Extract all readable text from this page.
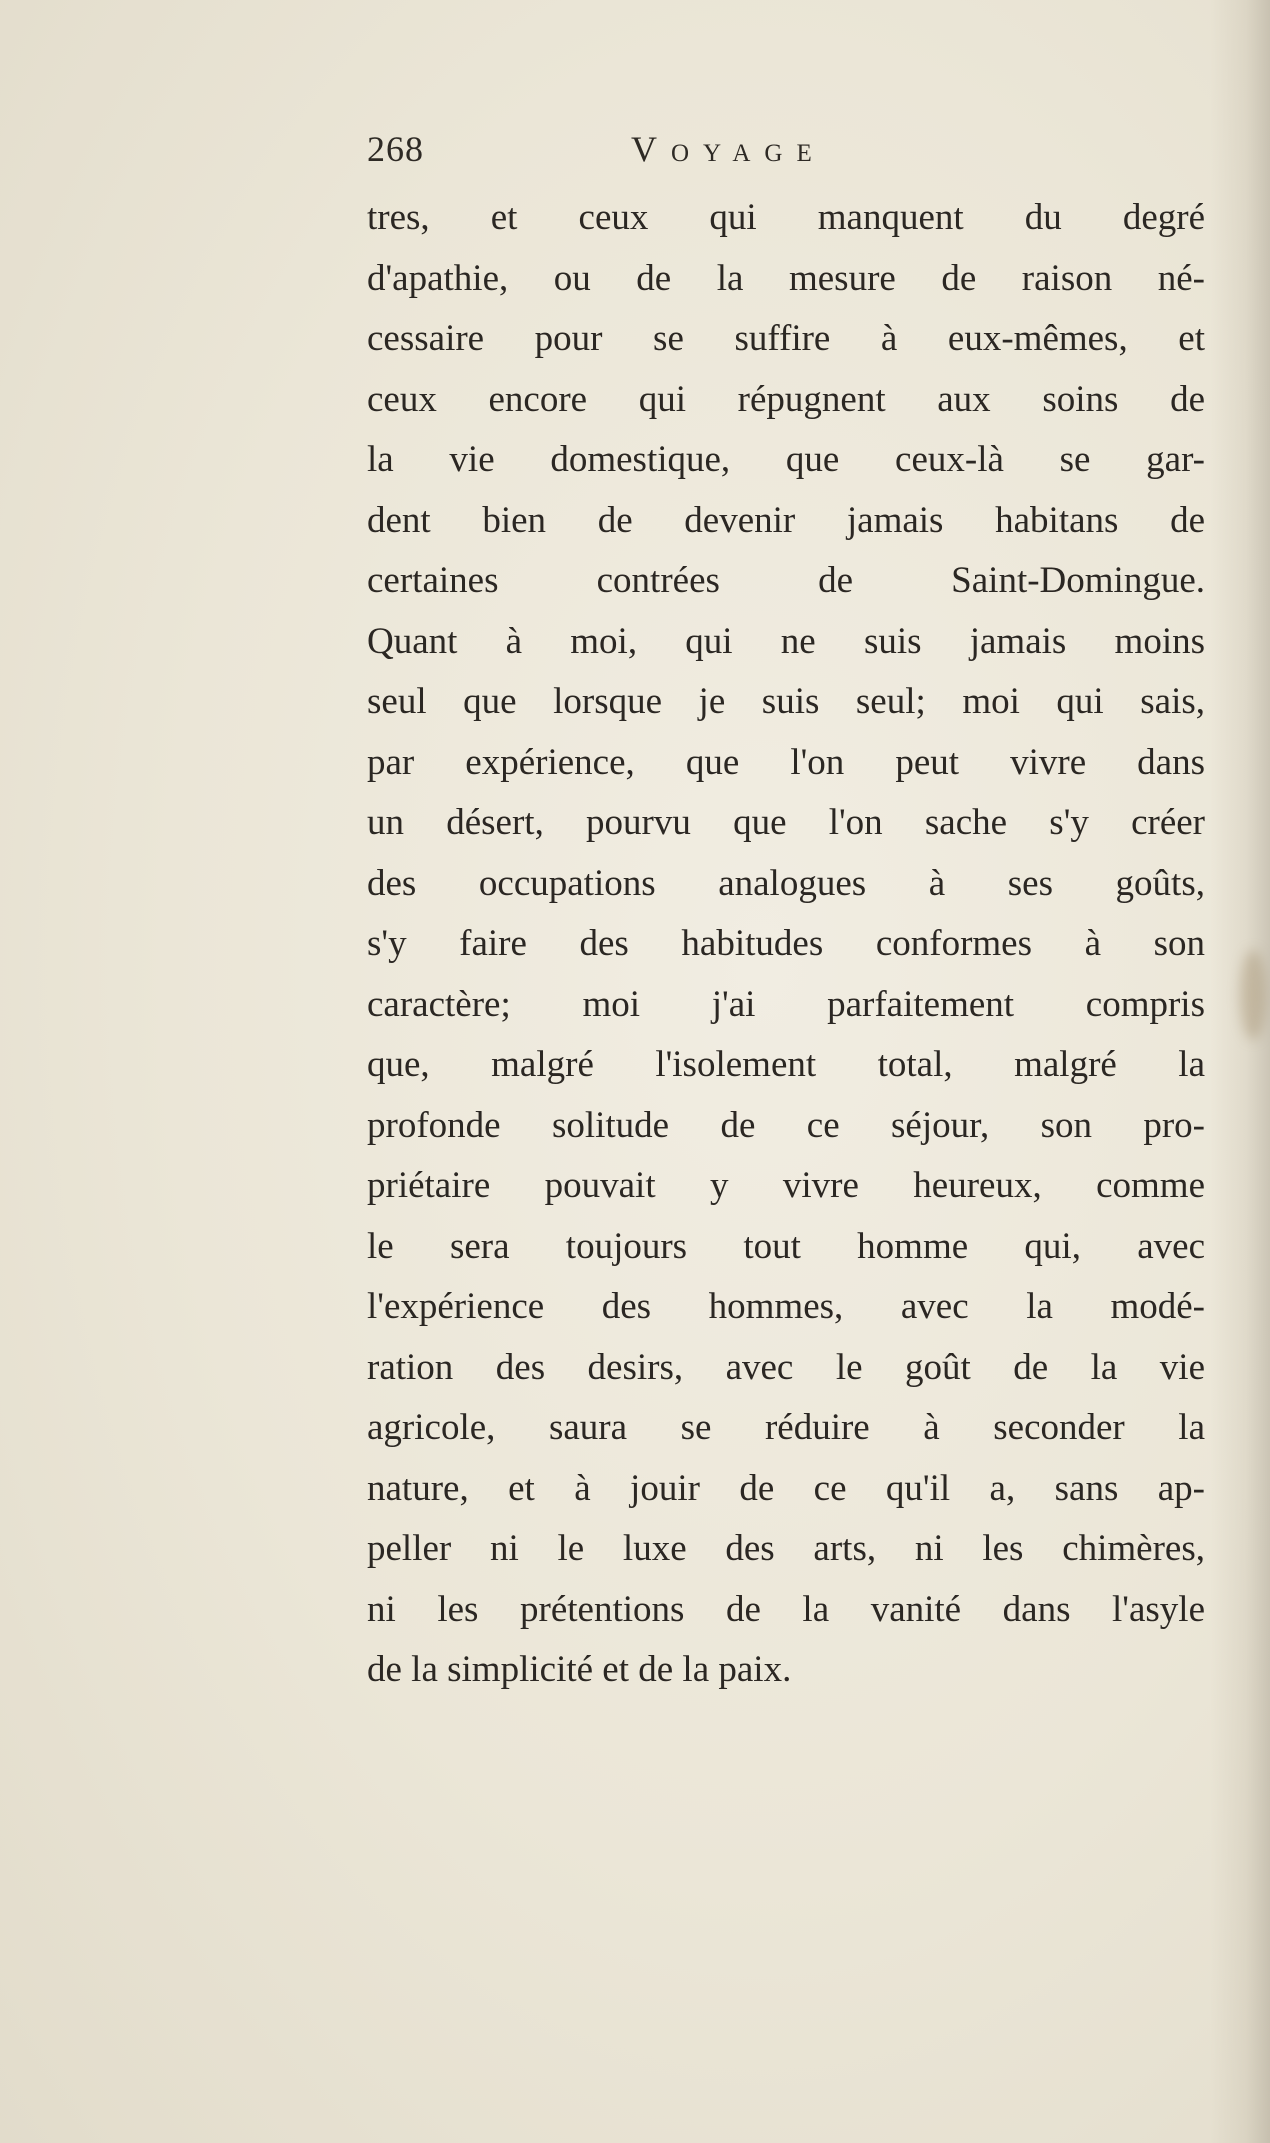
268	Voyage
tres, et ceux qui manquent du degré
d'apathie, ou de la mesure de raison né-
cessaire pour se suffire à eux-mêmes, et
ceux encore qui répugnent aux soins de
la vie domestique, que ceux-là se gar-
dent bien de devenir jamais habitans de
certaines contrées de Saint-Domingue.
Quant à moi, qui ne suis jamais moins
seul que lorsque je suis seul; moi qui sais,
par expérience, que l'on peut vivre dans
un désert, pourvu que l'on sache s'y créer
des occupations analogues à ses goûts,
s'y faire des habitudes conformes à son
caractère; moi j'ai parfaitement compris
que, malgré l'isolement total, malgré la
profonde solitude de ce séjour, son pro-
priétaire pouvait y vivre heureux, comme
le sera toujours tout homme qui, avec
l'expérience des hommes, avec la modé-
ration des desirs, avec le goût de la vie
agricole, saura se réduire à seconder la
nature, et à jouir de ce qu'il a, sans ap-
peller ni le luxe des arts, ni les chimères,
ni les prétentions de la vanité dans l'asyle
de la simplicité et de la paix.
